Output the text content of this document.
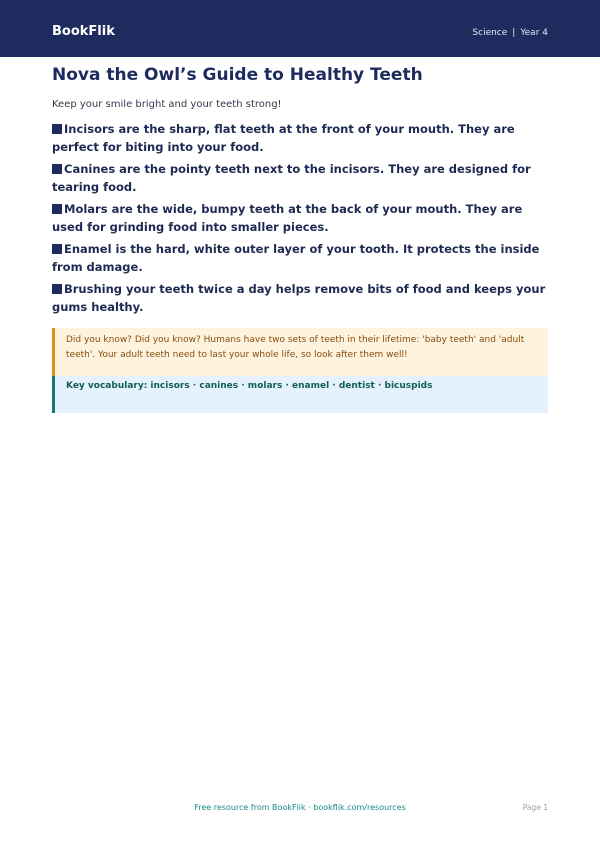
BookFlik	Science | Year 4
Nova the Owl’s Guide to Healthy Teeth
Keep your smile bright and your teeth strong!
Incisors are the sharp, flat teeth at the front of your mouth. They are perfect for biting into your food.
Canines are the pointy teeth next to the incisors. They are designed for tearing food.
Molars are the wide, bumpy teeth at the back of your mouth. They are used for grinding food into smaller pieces.
Enamel is the hard, white outer layer of your tooth. It protects the inside from damage.
Brushing your teeth twice a day helps remove bits of food and keeps your gums healthy.
Did you know? Did you know? Humans have two sets of teeth in their lifetime: 'baby teeth' and 'adult teeth'. Your adult teeth need to last your whole life, so look after them well!
Key vocabulary: incisors · canines · molars · enamel · dentist · bicuspids
Free resource from BookFlik · bookflik.com/resources	Page 1
